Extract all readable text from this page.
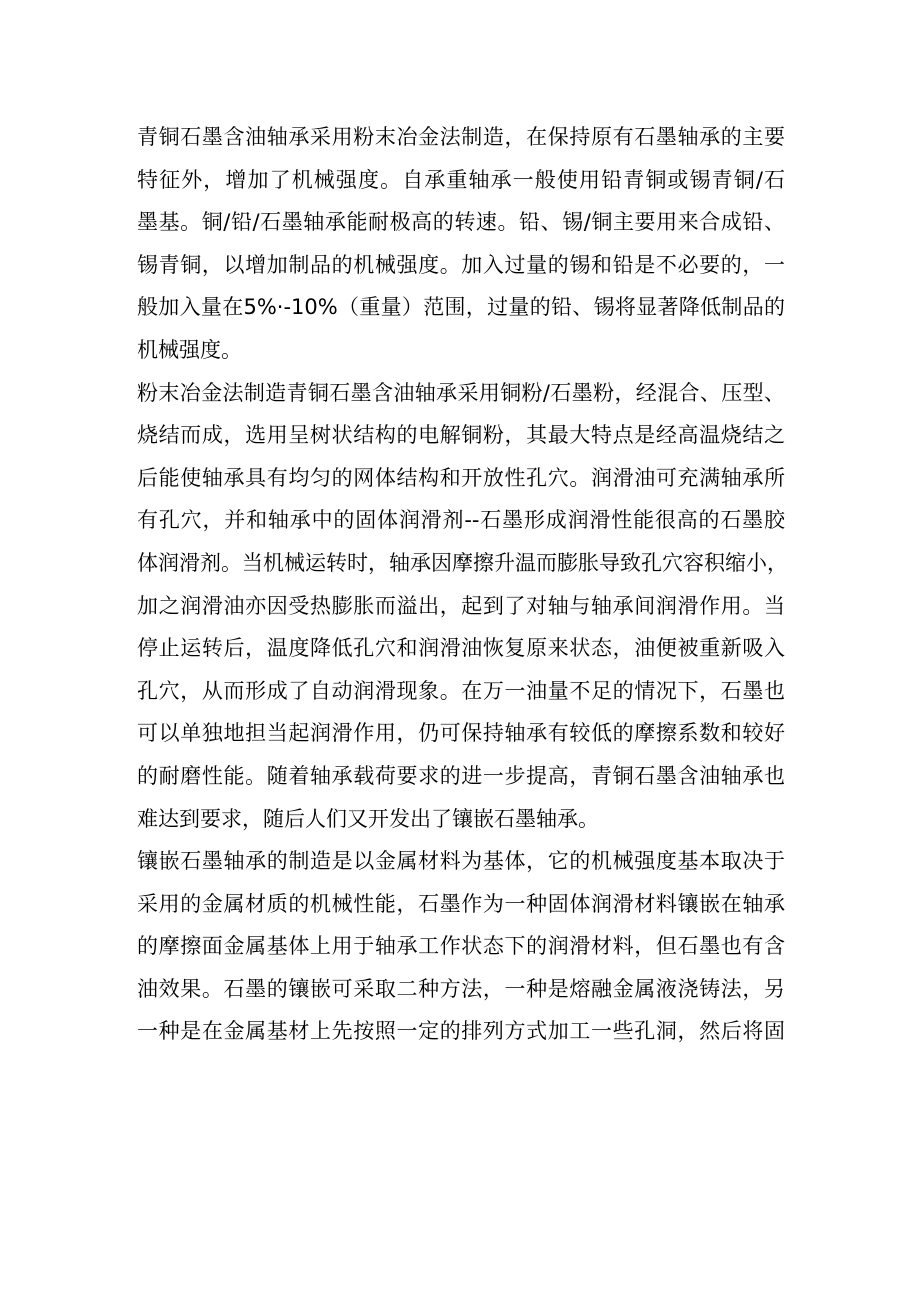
青铜石墨含油轴承采用粉末冶金法制造，在保持原有石墨轴承的主要
特征外，增加了机械强度。自承重轴承一般使用铅青铜或锡青铜/石
墨基。铜/铅/石墨轴承能耐极高的转速。铅、锡/铜主要用来合成铅、
锡青铜，以增加制品的机械强度。加入过量的锡和铅是不必要的，一
般加入量在5%·-10%（重量）范围，过量的铅、锡将显著降低制品的
机械强度。
粉末冶金法制造青铜石墨含油轴承采用铜粉/石墨粉，经混合、压型、
烧结而成，选用呈树状结构的电解铜粉，其最大特点是经高温烧结之
后能使轴承具有均匀的网体结构和开放性孔穴。润滑油可充满轴承所
有孔穴，并和轴承中的固体润滑剂--石墨形成润滑性能很高的石墨胶
体润滑剂。当机械运转时，轴承因摩擦升温而膨胀导致孔穴容积缩小，
加之润滑油亦因受热膨胀而溢出，起到了对轴与轴承间润滑作用。当
停止运转后，温度降低孔穴和润滑油恢复原来状态，油便被重新吸入
孔穴，从而形成了自动润滑现象。在万一油量不足的情况下，石墨也
可以单独地担当起润滑作用，仍可保持轴承有较低的摩擦系数和较好
的耐磨性能。随着轴承载荷要求的进一步提高，青铜石墨含油轴承也
难达到要求，随后人们又开发出了镶嵌石墨轴承。
镶嵌石墨轴承的制造是以金属材料为基体，它的机械强度基本取决于
采用的金属材质的机械性能，石墨作为一种固体润滑材料镶嵌在轴承
的摩擦面金属基体上用于轴承工作状态下的润滑材料，但石墨也有含
油效果。石墨的镶嵌可采取二种方法，一种是熔融金属液浇铸法，另
一种是在金属基材上先按照一定的排列方式加工一些孔洞，然后将固
